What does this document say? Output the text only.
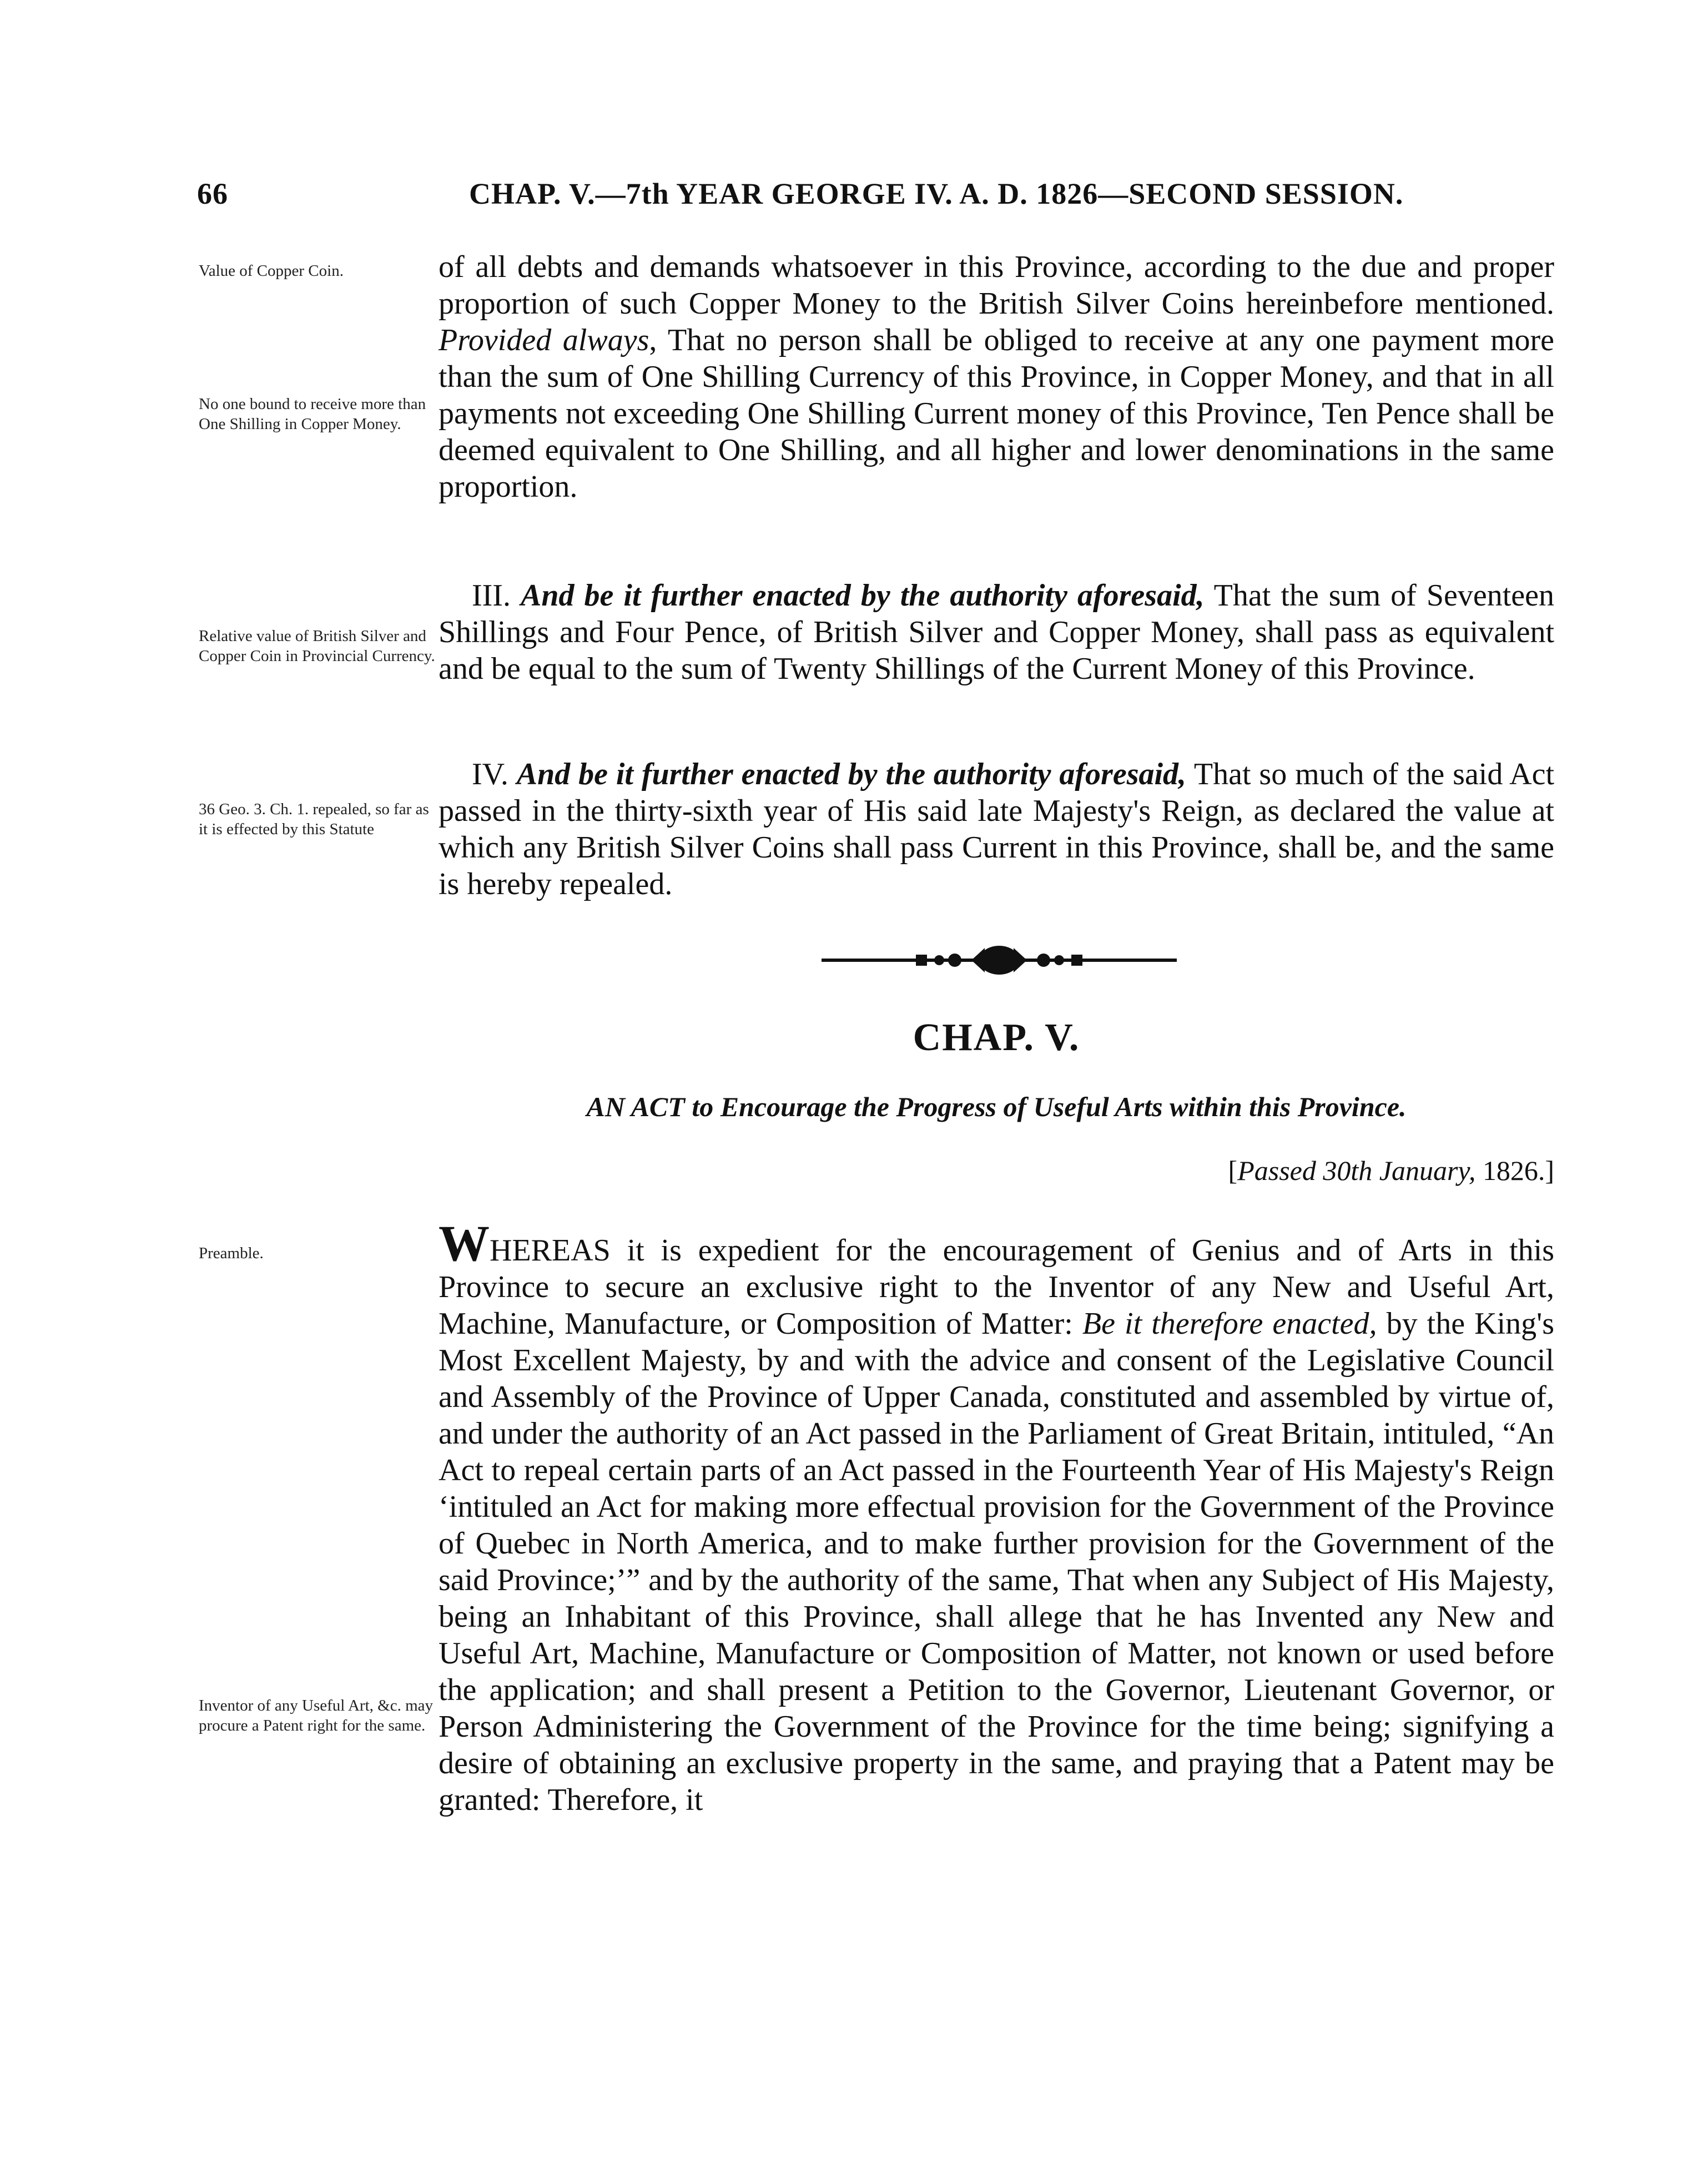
66	CHAP. V.—7th YEAR GEORGE IV. A. D. 1826—SECOND SESSION.
Value of Copper Coin.
No one bound to receive more than One Shilling in Copper Money.
Relative value of British Silver and Copper Coin in Provincial Currency.
36 Geo. 3. Ch. 1. repealed, so far as it is effected by this Statute
Preamble.
Inventor of any Useful Art, &c. may procure a Patent right for the same.
of all debts and demands whatsoever in this Province, according to the due and proper proportion of such Copper Money to the British Silver Coins hereinbefore mentioned. Provided always, That no person shall be obliged to receive at any one payment more than the sum of One Shilling Currency of this Province, in Copper Money, and that in all payments not exceeding One Shilling Current money of this Province, Ten Pence shall be deemed equivalent to One Shilling, and all higher and lower denominations in the same proportion.
III. And be it further enacted by the authority aforesaid, That the sum of Seventeen Shillings and Four Pence, of British Silver and Copper Money, shall pass as equivalent and be equal to the sum of Twenty Shillings of the Current Money of this Province.
IV. And be it further enacted by the authority aforesaid, That so much of the said Act passed in the thirty-sixth year of His said late Majesty's Reign, as declared the value at which any British Silver Coins shall pass Current in this Province, shall be, and the same is hereby repealed.
CHAP. V.
AN ACT to Encourage the Progress of Useful Arts within this Province.
[Passed 30th January, 1826.]
WHEREAS it is expedient for the encouragement of Genius and of Arts in this Province to secure an exclusive right to the Inventor of any New and Useful Art, Machine, Manufacture, or Composition of Matter: Be it therefore enacted, by the King's Most Excellent Majesty, by and with the advice and consent of the Legislative Council and Assembly of the Province of Upper Canada, constituted and assembled by virtue of, and under the authority of an Act passed in the Parliament of Great Britain, intituled, “An Act to repeal certain parts of an Act passed in the Fourteenth Year of His Majesty's Reign ‘intituled an Act for making more effectual provision for the Government of the Province of Quebec in North America, and to make further provision for the Government of the said Province;’” and by the authority of the same, That when any Subject of His Majesty, being an Inhabitant of this Province, shall allege that he has Invented any New and Useful Art, Machine, Manufacture or Composition of Matter, not known or used before the application; and shall present a Petition to the Governor, Lieutenant Governor, or Person Administering the Government of the Province for the time being; signifying a desire of obtaining an exclusive property in the same, and praying that a Patent may be granted: Therefore, it
